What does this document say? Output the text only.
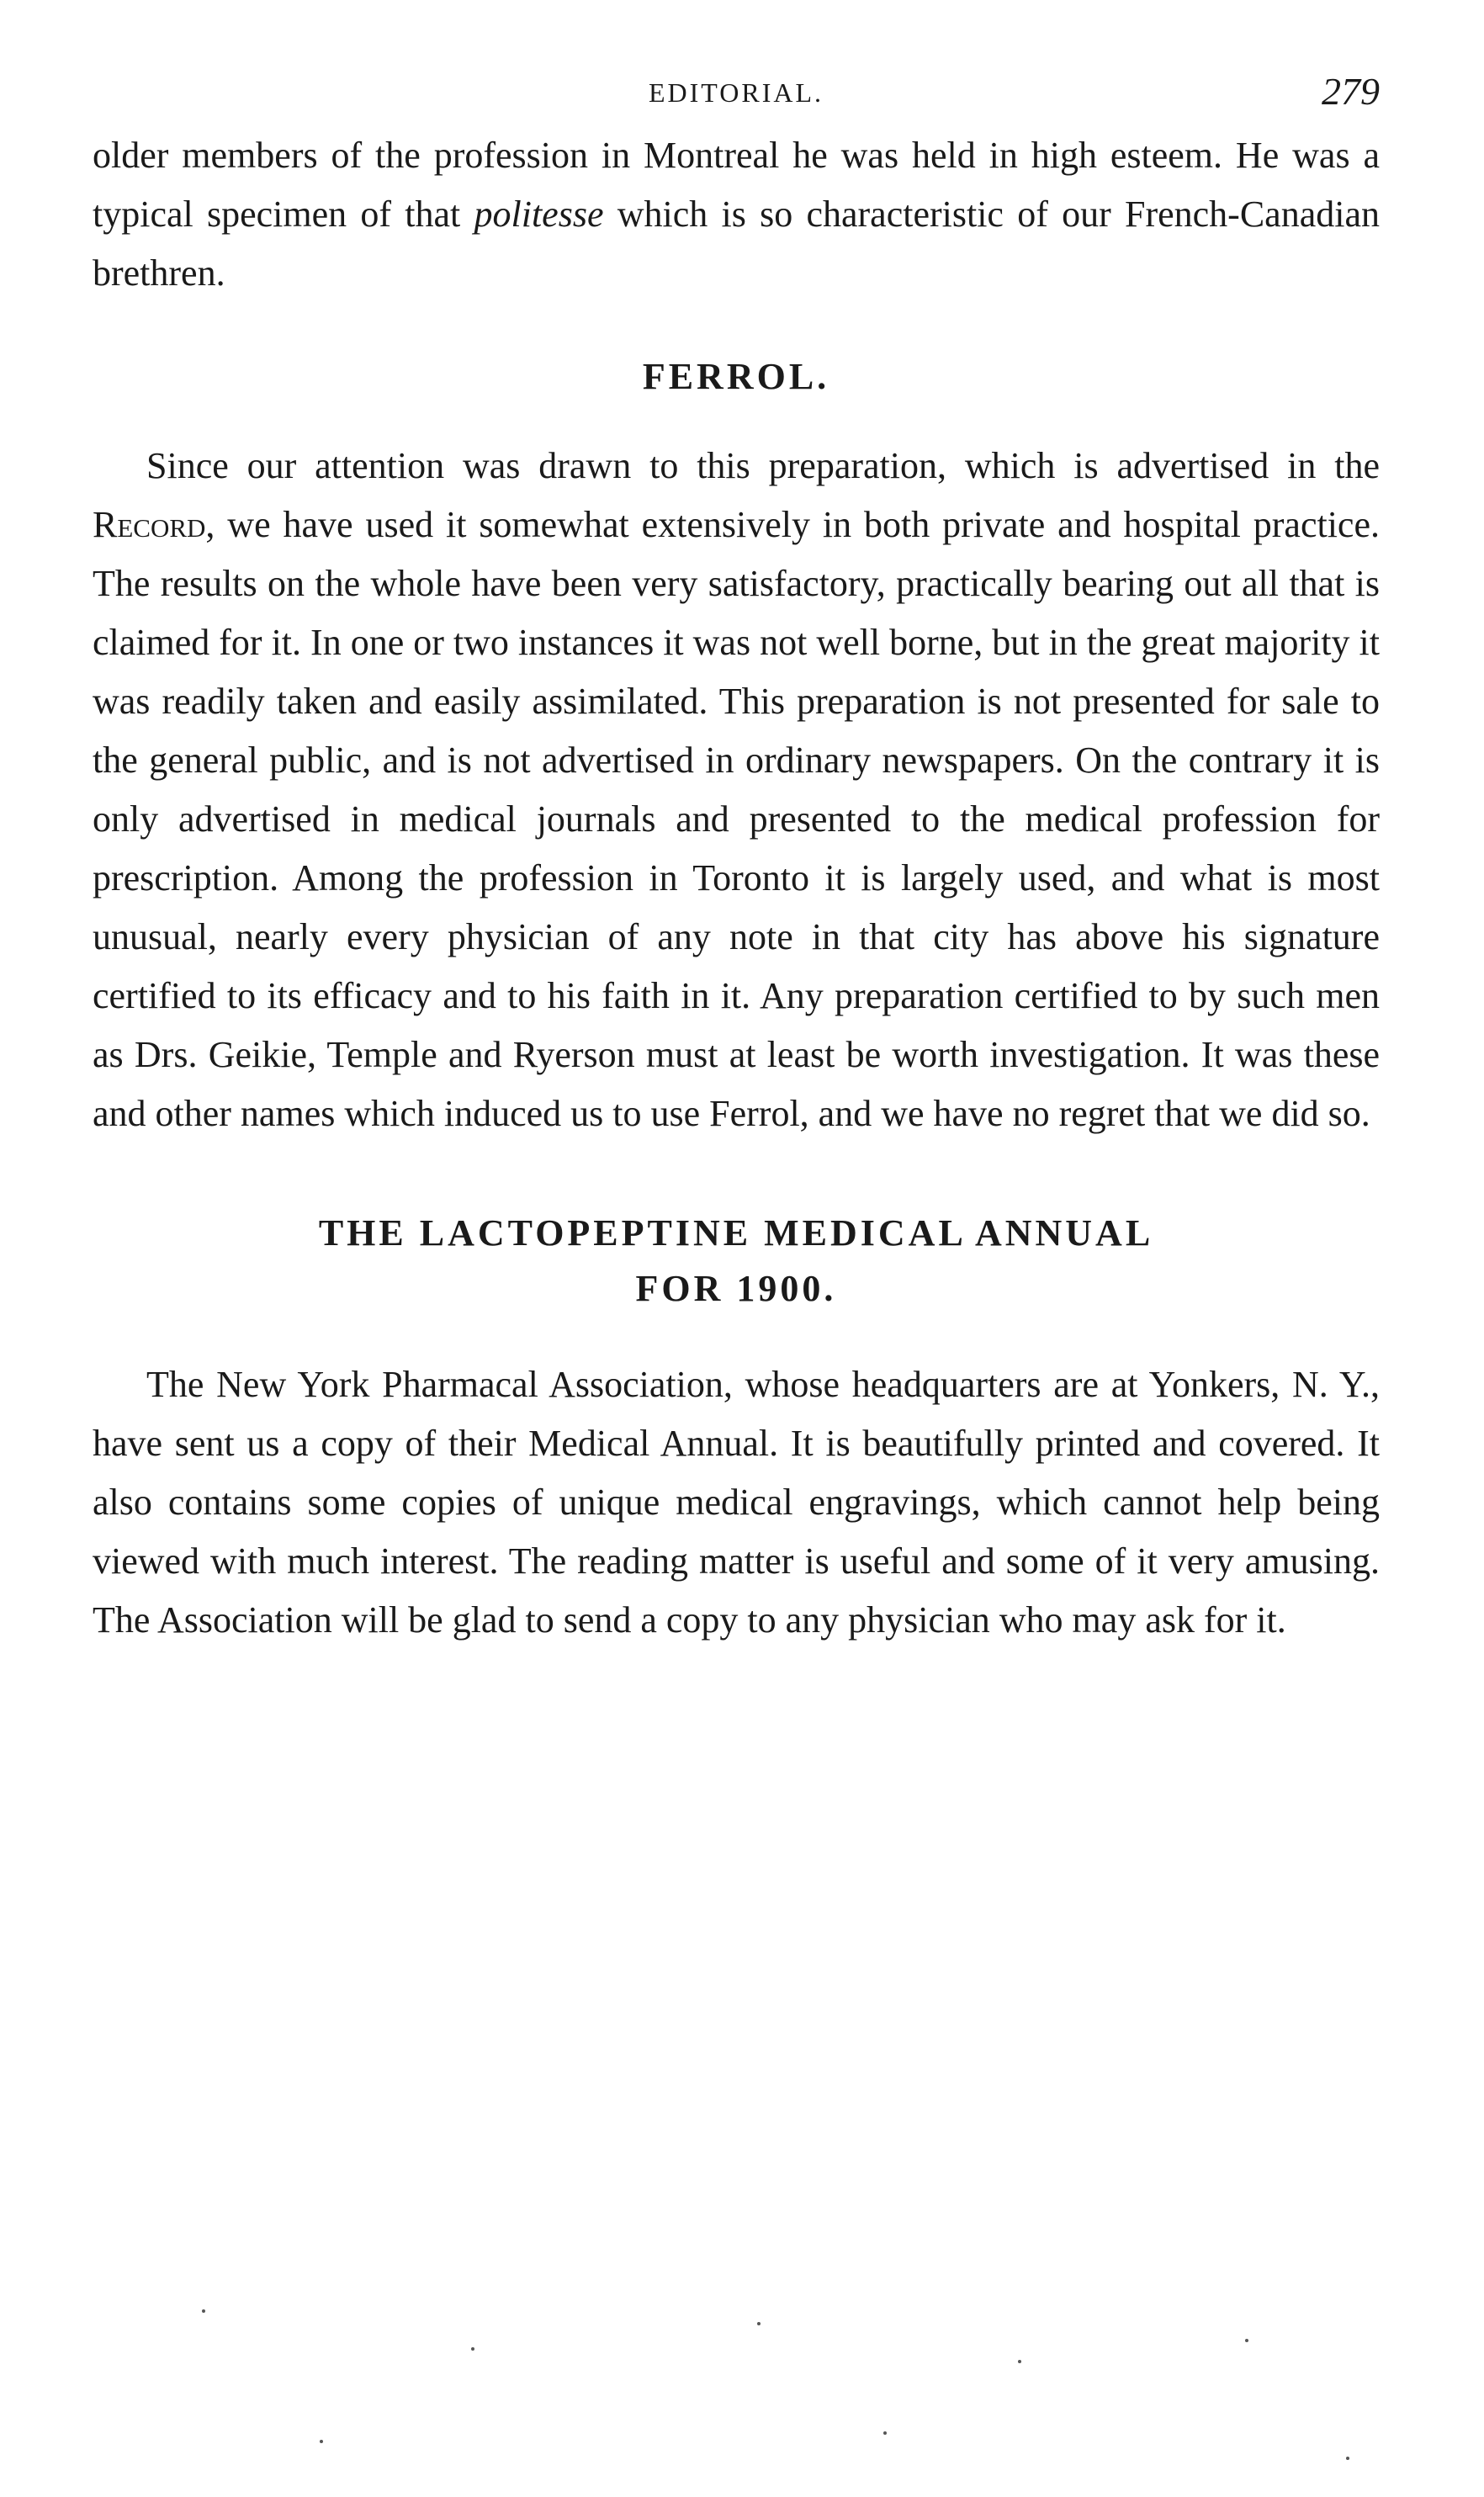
EDITORIAL.	279

older members of the profession in Montreal he was held in high esteem. He was a typical specimen of that politesse which is so characteristic of our French-Canadian brethren.

FERROL.

Since our attention was drawn to this preparation, which is advertised in the Record, we have used it somewhat extensively in both private and hospital practice. The results on the whole have been very satisfactory, practically bearing out all that is claimed for it. In one or two instances it was not well borne, but in the great majority it was readily taken and easily assimilated. This preparation is not presented for sale to the general public, and is not advertised in ordinary newspapers. On the contrary it is only advertised in medical journals and presented to the medical profession for prescription. Among the profession in Toronto it is largely used, and what is most unusual, nearly every physician of any note in that city has above his signature certified to its efficacy and to his faith in it. Any preparation certified to by such men as Drs. Geikie, Temple and Ryerson must at least be worth investigation. It was these and other names which induced us to use Ferrol, and we have no regret that we did so.

THE LACTOPEPTINE MEDICAL ANNUAL
FOR 1900.

The New York Pharmacal Association, whose headquarters are at Yonkers, N. Y., have sent us a copy of their Medical Annual. It is beautifully printed and covered. It also contains some copies of unique medical engravings, which cannot help being viewed with much interest. The reading matter is useful and some of it very amusing. The Association will be glad to send a copy to any physician who may ask for it.
